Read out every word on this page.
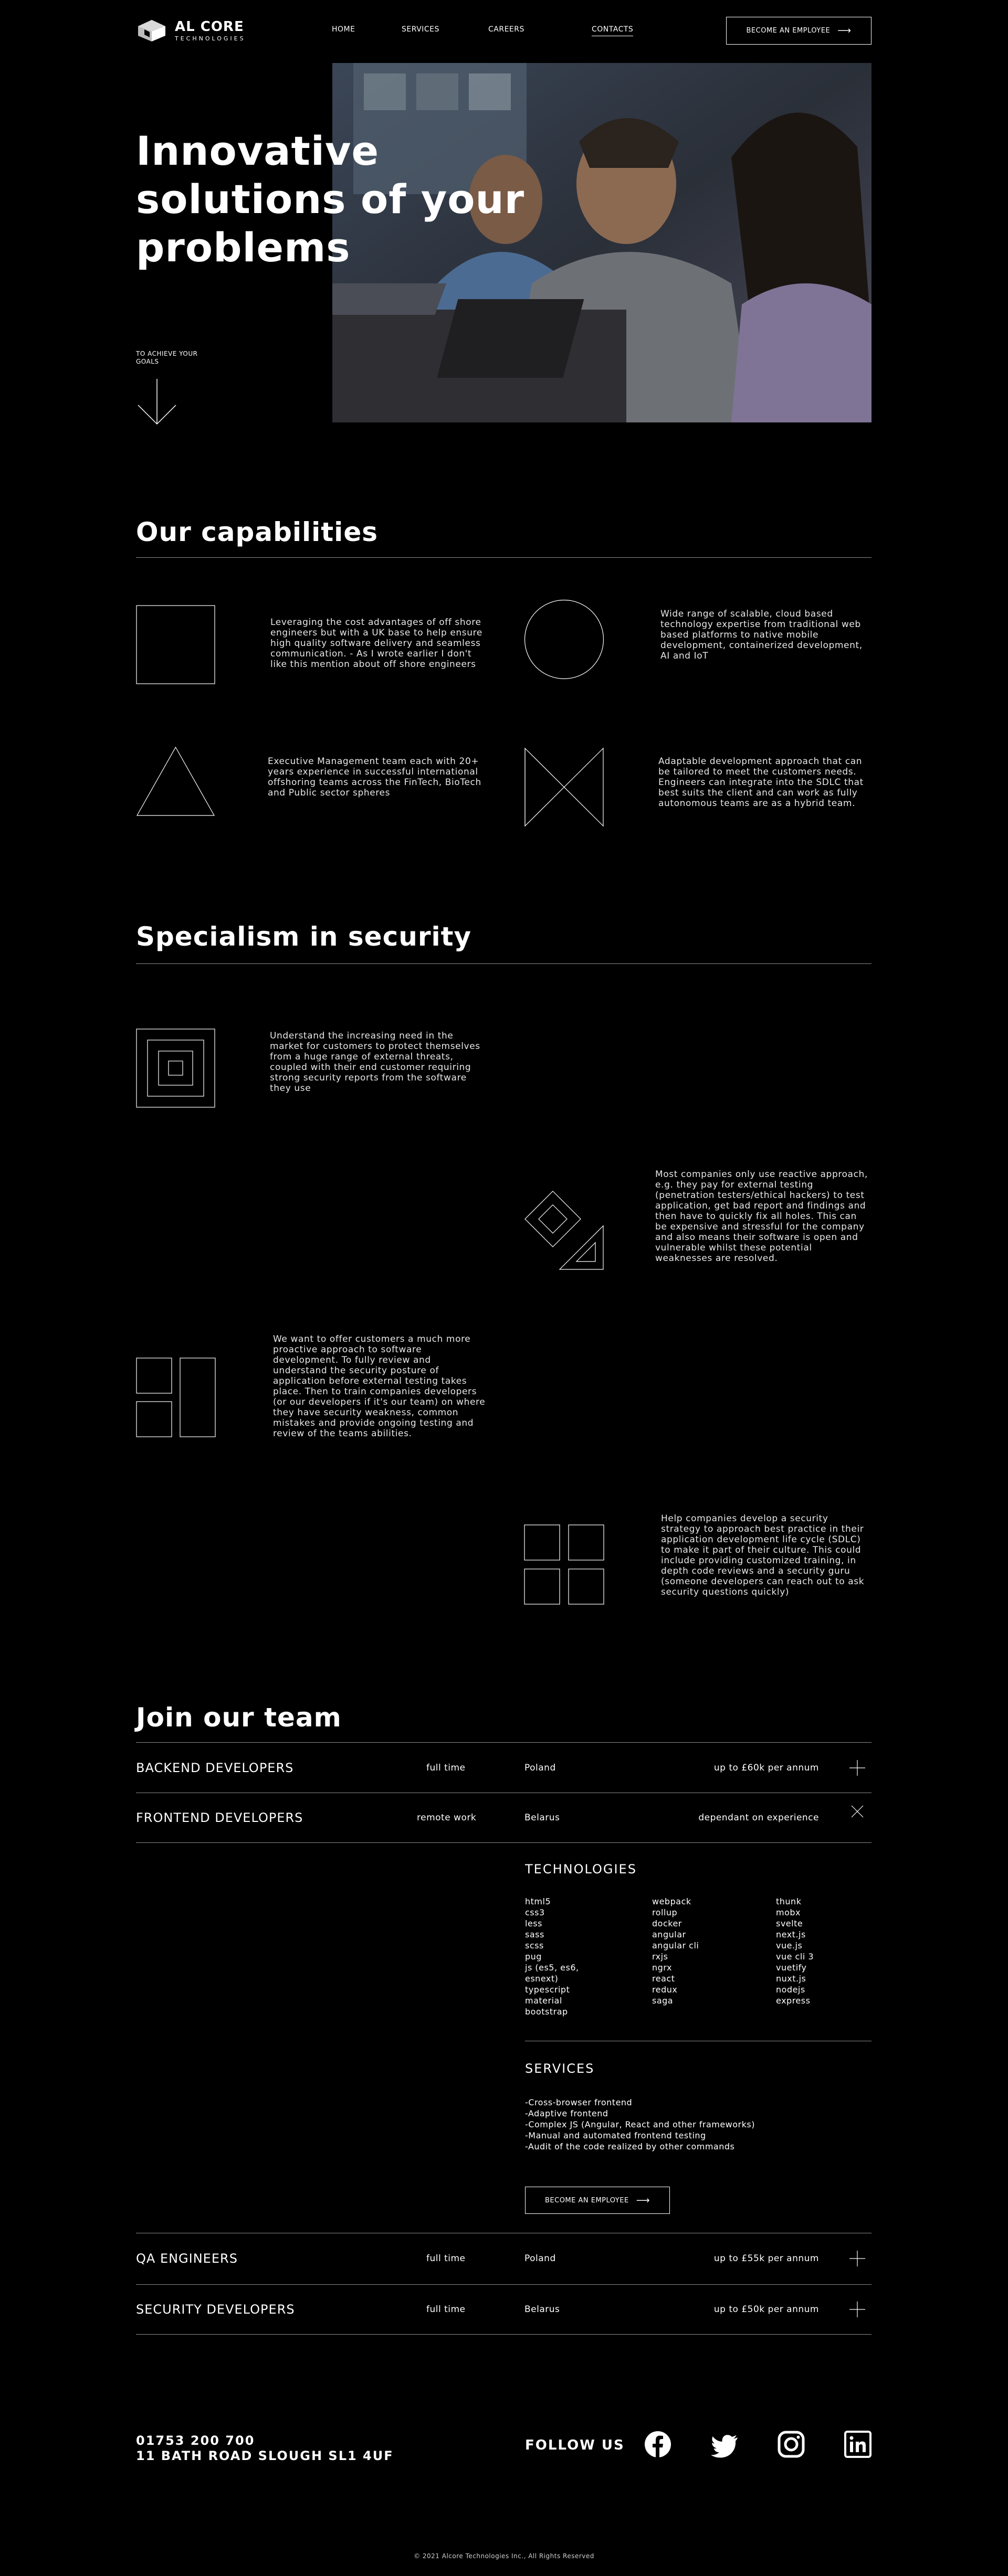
AL CORE
TECHNOLOGIES
HOME	SERVICES	CAREERS	CONTACTS	BECOME AN EMPLOYEE ⟶
Innovative solutions of your problems
TO ACHIEVE YOUR GOALS
Our capabilities
Leveraging the cost advantages of off shore engineers but with a UK base to help ensure high quality software delivery and seamless communication. - As I wrote earlier I don't like this mention about off shore engineers
Wide range of scalable, cloud based technology expertise from traditional web based platforms to native mobile development, containerized development, AI and IoT
Executive Management team each with 20+ years experience in successful international offshoring teams across the FinTech, BioTech and Public sector spheres
Adaptable development approach that can be tailored to meet the customers needs. Engineers can integrate into the SDLC that best suits the client and can work as fully autonomous teams are as a hybrid team.
Specialism in security
Understand the increasing need in the market for customers to protect themselves from a huge range of external threats, coupled with their end customer requiring strong security reports from the software they use
Most companies only use reactive approach, e.g. they pay for external testing (penetration testers/ethical hackers) to test application, get bad report and findings and then have to quickly fix all holes. This can be expensive and stressful for the company and also means their software is open and vulnerable whilst these potential weaknesses are resolved.
We want to offer customers a much more proactive approach to software development. To fully review and understand the security posture of application before external testing takes place. Then to train companies developers (or our developers if it's our team) on where they have security weakness, common mistakes and provide ongoing testing and review of the teams abilities.
Help companies develop a security strategy to approach best practice in their application development life cycle (SDLC) to make it part of their culture. This could include providing customized training, in depth code reviews and a security guru (someone developers can reach out to ask security questions quickly)
Join our team
BACKEND DEVELOPERS	full time	Poland	up to £60k per annum
FRONTEND DEVELOPERS	remote work	Belarus	dependant on experience
TECHNOLOGIES
html5
css3
less
sass
scss
pug
js (es5, es6,
esnext)
typescript
material
bootstrap
webpack
rollup
docker
angular
angular cli
rxjs
ngrx
react
redux
saga
thunk
mobx
svelte
next.js
vue.js
vue cli 3
vuetify
nuxt.js
nodejs
express
SERVICES
-Cross-browser frontend
-Adaptive frontend
-Complex JS (Angular, React and other frameworks)
-Manual and automated frontend testing
-Audit of the code realized by other commands
BECOME AN EMPLOYEE ⟶
QA ENGINEERS	full time	Poland	up to £55k per annum
SECURITY DEVELOPERS	full time	Belarus	up to £50k per annum
01753 200 700
11 BATH ROAD SLOUGH SL1 4UF
FOLLOW US
© 2021 Alcore Technologies Inc., All Rights Reserved
